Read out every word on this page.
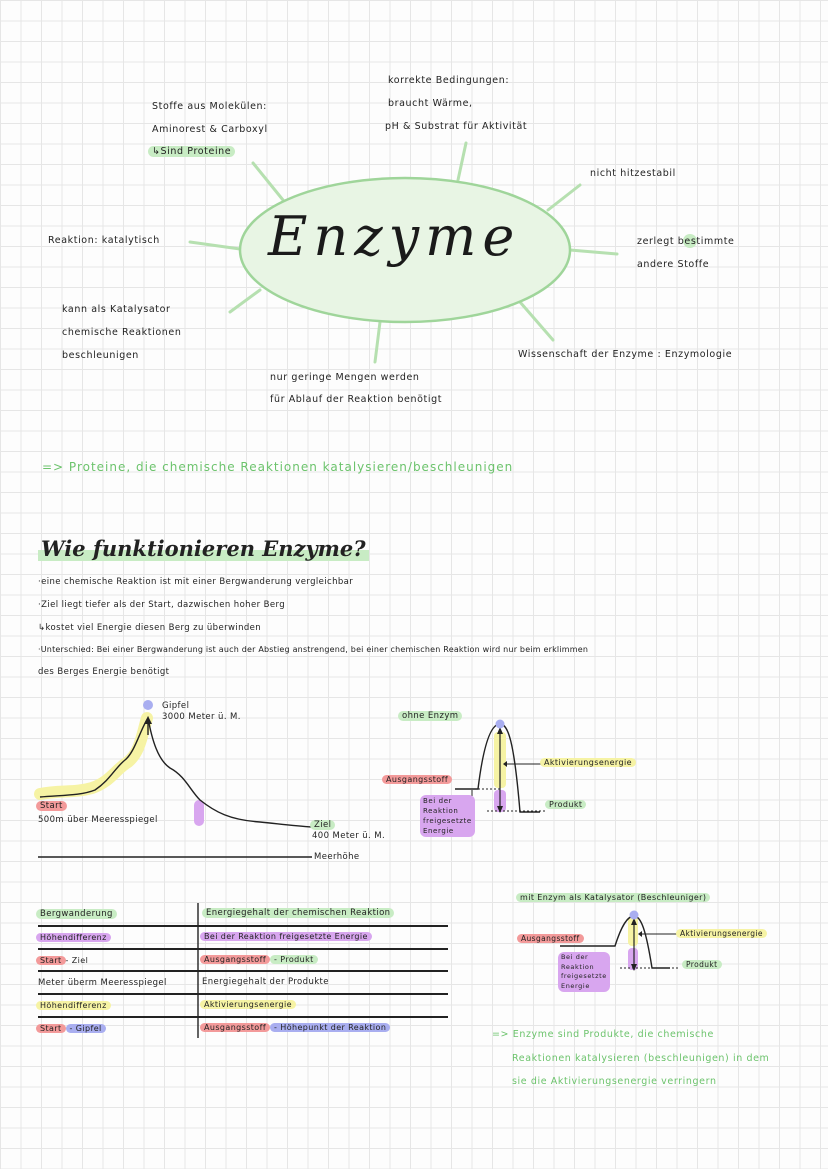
Enzyme
Stoffe aus Molekülen:
Aminorest & Carboxyl
↳Sind Proteine
korrekte Bedingungen:
braucht Wärme,
pH & Substrat für Aktivität
nicht hitzestabil
Reaktion: katalytisch	zerlegt bestimmte
andere Stoffe
kann als Katalysator
chemische Reaktionen
beschleunigen	Wissenschaft der Enzyme : Enzymologie
nur geringe Mengen werden
für Ablauf der Reaktion benötigt
=> Proteine, die chemische Reaktionen katalysieren/beschleunigen
Wie funktionieren Enzyme?
·eine chemische Reaktion ist mit einer Bergwanderung vergleichbar
·Ziel liegt tiefer als der Start, dazwischen hoher Berg
↳kostet viel Energie diesen Berg zu überwinden
·Unterschied: Bei einer Bergwanderung ist auch der Abstieg anstrengend, bei einer chemischen Reaktion wird nur beim erklimmen
des Berges Energie benötigt
Gipfel
3000 Meter ü. M.
Start
500m über Meeresspiegel	Ziel
400 Meter ü. M.
Meerhöhe
ohne Enzym
Ausgangsstoff
Aktivierungsenergie
Produkt
Bei der
Reaktion
freigesetzte
Energie
mit Enzym als Katalysator (Beschleuniger)
Ausgangsstoff
Aktivierungsenergie
Produkt
Bei der
Reaktion
freigesetzte
Energie
Bergwanderung	Energiegehalt der chemischen Reaktion
Höhendifferenz	Bei der Reaktion freigesetzte Energie
Start - Ziel	Ausgangsstoff - Produkt
Meter überm Meeresspiegel	Energiegehalt der Produkte
Höhendifferenz	Aktivierungsenergie
Start - Gipfel	Ausgangsstoff - Höhepunkt der Reaktion
=> Enzyme sind Produkte, die chemische
Reaktionen katalysieren (beschleunigen) in dem
sie die Aktivierungsenergie verringern
